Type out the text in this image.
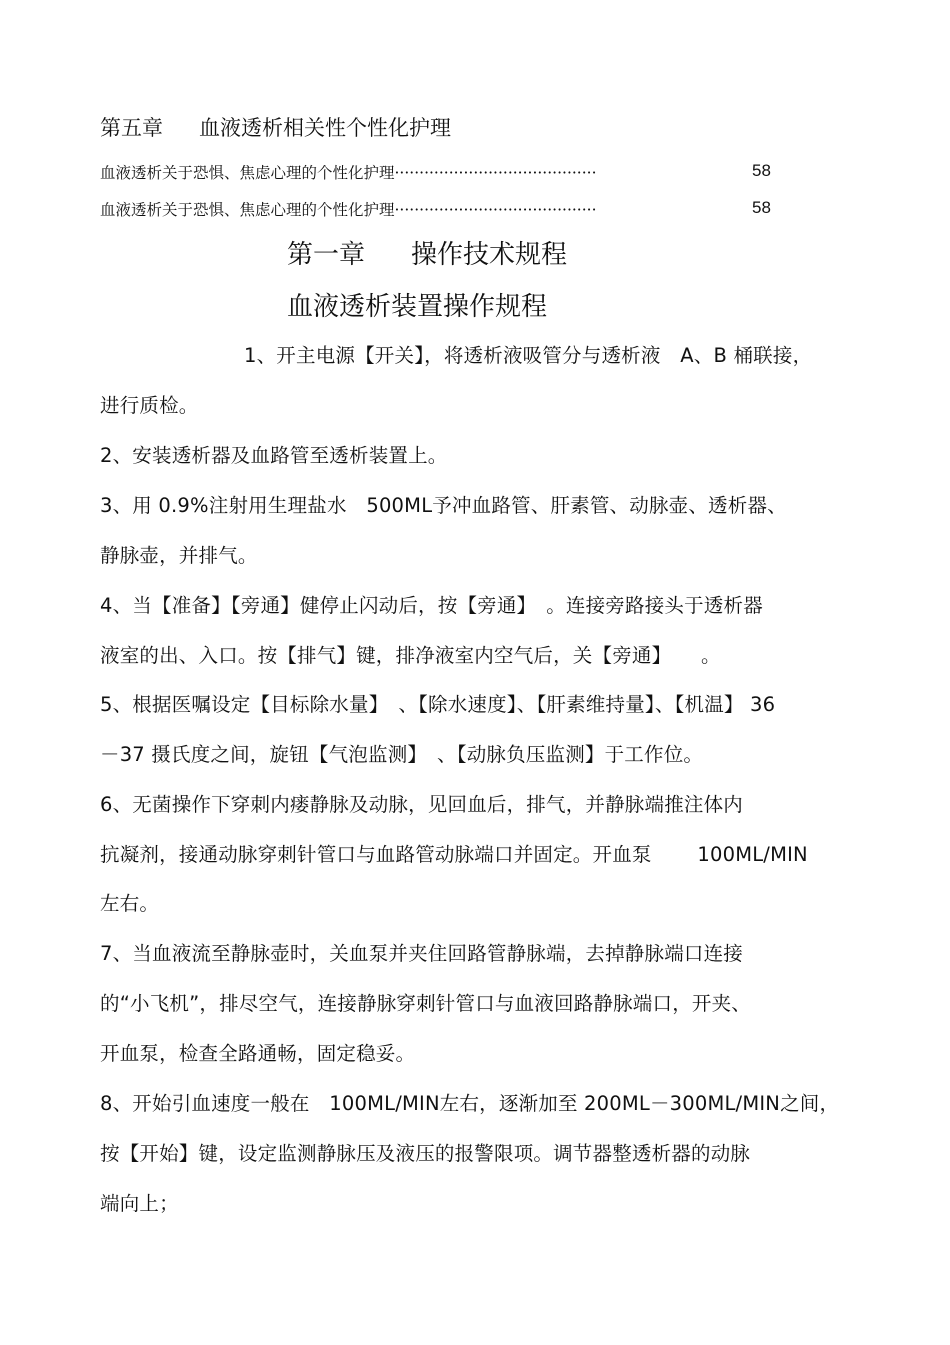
第五章 血液透析相关性个性化护理
血液透析关于恐惧、焦虑心理的个性化护理·········································	58
血液透析关于恐惧、焦虑心理的个性化护理·········································	58
第一章 操作技术规程
血液透析装置操作规程
1、开主电源【开关】，将透析液吸管分与透析液　A、B 桶联接，
进行质检。
2、安装透析器及血路管至透析装置上。
3、用 0.9%注射用生理盐水　500ML予冲血路管、肝素管、动脉壶、透析器、
静脉壶，并排气。
4、当【准备】【旁通】健停止闪动后，按【旁通】　。连接旁路接头于透析器
液室的出、入口。按【排气】键，排净液室内空气后，关【旁通】　　。
5、根据医嘱设定【目标除水量】　、【除水速度】、【肝素维持量】、【机温】 36
－37 摄氏度之间，旋钮【气泡监测】　、【动脉负压监测】于工作位。
6、无菌操作下穿刺内瘘静脉及动脉，见回血后，排气，并静脉端推注体内
抗凝剂，接通动脉穿刺针管口与血路管动脉端口并固定。开血泵　　 100ML/MIN
左右。
7、当血液流至静脉壶时，关血泵并夹住回路管静脉端，去掉静脉端口连接
的“小飞机”，排尽空气，连接静脉穿刺针管口与血液回路静脉端口，开夹、
开血泵，检查全路通畅，固定稳妥。
8、开始引血速度一般在　100ML/MIN左右，逐渐加至 200ML－300ML/MIN之间，
按【开始】键，设定监测静脉压及液压的报警限项。调节器整透析器的动脉
端向上；
